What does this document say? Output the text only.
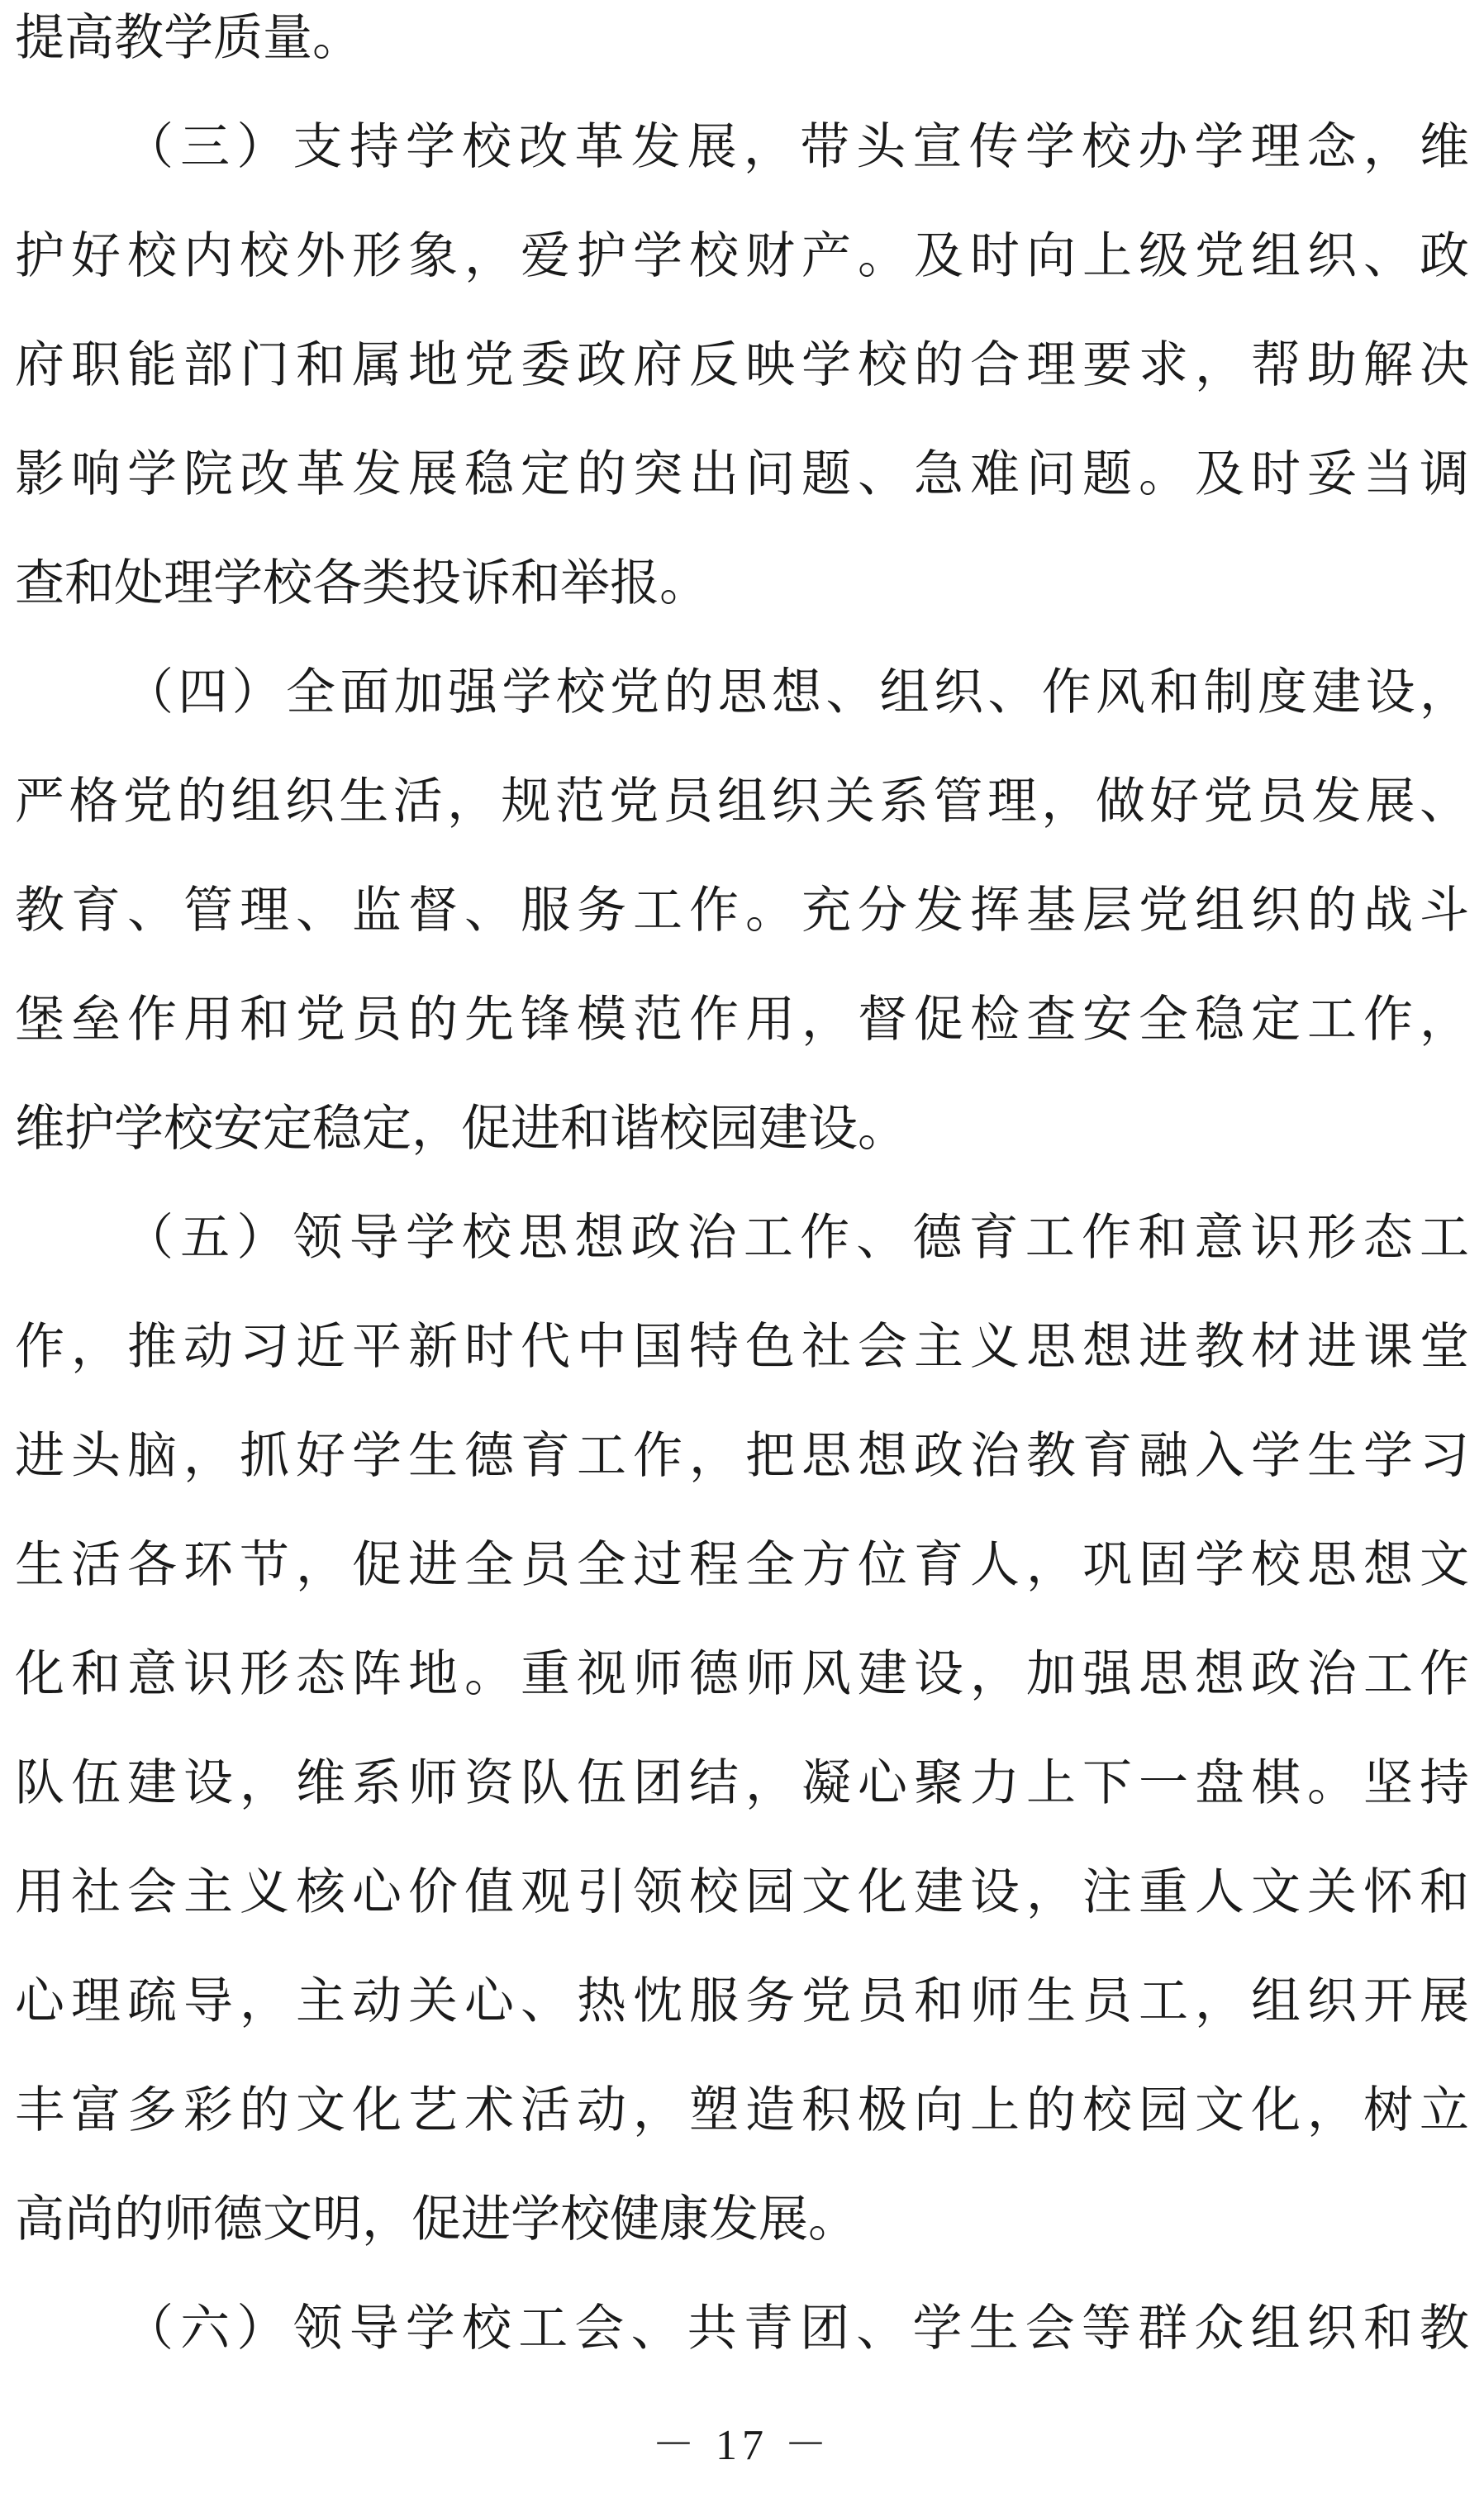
提高教学质量。
（三）支持学校改革发展，带头宣传学校办学理念，维
护好校内校外形象，爱护学校财产。及时向上级党组织、政
府职能部门和属地党委政府反映学校的合理要求，帮助解决
影响学院改革发展稳定的突出问题、急难问题。及时妥当调
查和处理学校各类投诉和举报。
（四）全面加强学校党的思想、组织、作风和制度建设，
严格党的组织生活，规范党员组织关系管理，做好党员发展、
教育、管理、监督、服务工作。充分发挥基层党组织的战斗
堡垒作用和党员的先锋模范作用，督促检查安全稳定工作，
维护学校安定稳定，促进和谐校园建设。
（五）领导学校思想政治工作、德育工作和意识形态工
作，推动习近平新时代中国特色社会主义思想进教材进课堂
进头脑，抓好学生德育工作，把思想政治教育融入学生学习
生活各环节，促进全员全过程全方位育人，巩固学校思想文
化和意识形态阵地。重视师德师风建设，加强思想政治工作
队伍建设，维系师资队伍团结，凝心聚力上下一盘棋。坚持
用社会主义核心价值观引领校园文化建设，注重人文关怀和
心理疏导，主动关心、热忱服务党员和师生员工，组织开展
丰富多彩的文化艺术活动，塑造积极向上的校园文化，树立
高尚的师德文明，促进学校健康发展。
（六）领导学校工会、共青团、学生会等群众组织和教
－ 17 －
